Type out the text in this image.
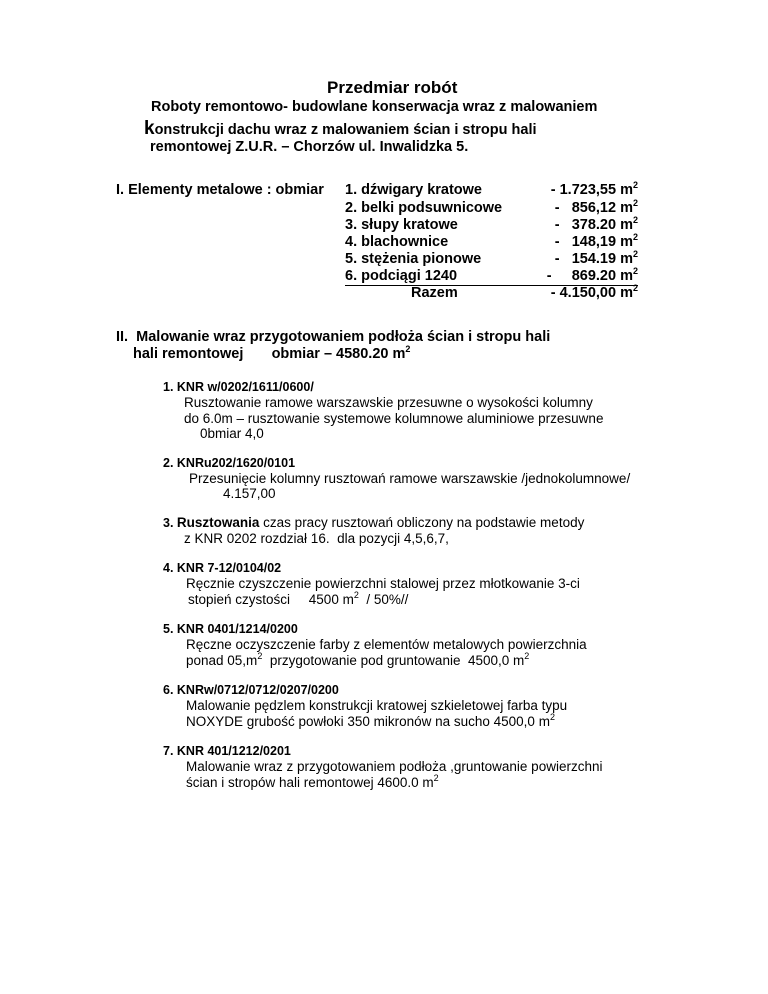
Przedmiar robót
Roboty remontowo- budowlane konserwacja wraz z malowaniem
konstrukcji dachu wraz z malowaniem ścian i stropu hali
remontowej Z.U.R. – Chorzów ul. Inwalidzka 5.
I. Elementy metalowe : obmiar 1. dźwigary kratowe
2. belki podsuwnicowe
3. słupy kratowe
4. blachownice
5. stężenia pionowe
6. podciągi 1240
Razem
- 1.723,55 $m^2$
-   856,12 $m^2$
-   378.20 $m^2$
-   148,19 $m^2$
-   154.19 $m^2$
-     869.20 $m^2$
- 4.150,00 $m^2$
II.  Malowanie wraz przygotowaniem podłoża ścian i stropu hali
hali remontowej       obmiar – 4580.20 $m^2$
1. KNR w/0202/1611/0600/
Rusztowanie ramowe warszawskie przesuwne o wysokości kolumny
do 6.0m – rusztowanie systemowe kolumnowe aluminiowe przesuwne
0bmiar 4,0
2. KNRu202/1620/0101
Przesunięcie kolumny rusztowań ramowe warszawskie /jednokolumnowe/
4.157,00
3. Rusztowania czas pracy rusztowań obliczony na podstawie metody
z KNR 0202 rozdział 16.  dla pozycji 4,5,6,7,
4. KNR 7-12/0104/02
Ręcznie czyszczenie powierzchni stalowej przez młotkowanie 3-ci
stopień czystości     4500 $m^2 / 50\%//$
5. KNR 0401/1214/0200
Ręczne oczyszczenie farby z elementów metalowych powierzchnia
ponad $05,m^2$  przygotowanie pod gruntowanie  4500,0 $m^2$
6. KNRw/0712/0712/0207/0200
Malowanie pędzlem konstrukcji kratowej szkieletowej farba typu
NOXYDE grubość powłoki 350 mikronów na sucho 4500,0 $m^2$
7. KNR 401/1212/0201
Malowanie wraz z przygotowaniem podłoża ,gruntowanie powierzchni
ścian i stropów hali remontowej 4600.0 $m^2$
